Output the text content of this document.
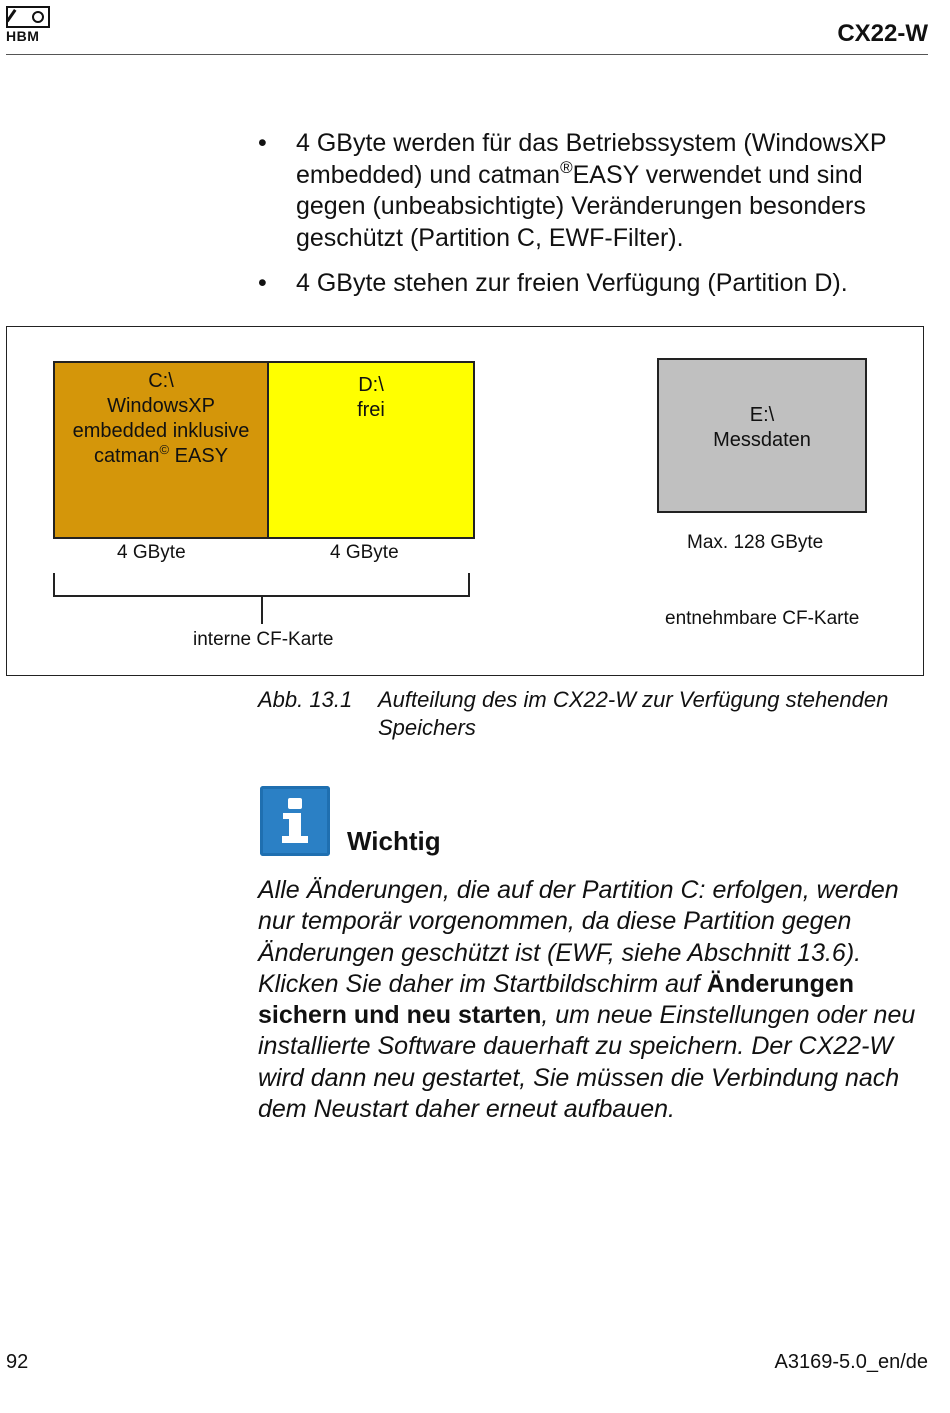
HBM	CX22-W
• 4 GByte werden für das Betriebssystem (WindowsXP
embedded) und catman®EASY verwendet und sind
gegen (unbeabsichtigte) Veränderungen besonders
geschützt (Partition C, EWF-Filter).
• 4 GByte stehen zur freien Verfügung (Partition D).
C:\
WindowsXP
embedded inklusive
catman© EASY
D:\
frei	E:\
Messdaten
4 GByte	4 GByte	Max. 128 GByte
interne CF-Karte
entnehmbare CF-Karte
Abb. 13.1 Aufteilung des im CX22-W zur Verfügung stehenden Speichers
Wichtig

Alle Änderungen, die auf der Partition C: erfolgen, werden nur temporär vorgenommen, da diese Partition gegen Änderungen geschützt ist (EWF, siehe Abschnitt 13.6). Klicken Sie daher im Startbildschirm auf Änderungen sichern und neu starten, um neue Einstellungen oder neu installierte Software dauerhaft zu speichern. Der CX22-W wird dann neu gestartet, Sie müssen die Verbindung nach dem Neustart daher erneut aufbauen.

92	A3169-5.0_en/de
